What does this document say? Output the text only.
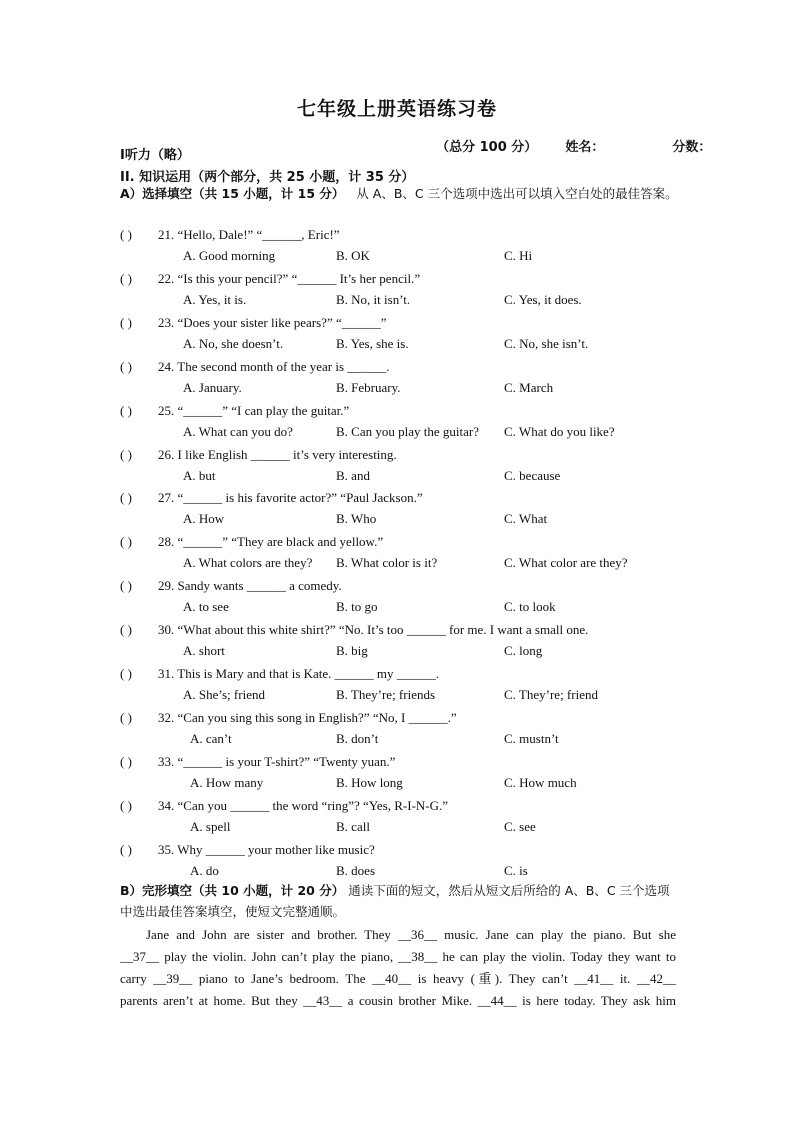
七年级上册英语练习卷

（总分 100 分） 姓名：	分数：

Ⅰ听力（略）
II. 知识运用（两个部分，共 25 小题，计 35 分）
A）选择填空（共 15 小题，计 15 分） 从 A、B、C 三个选项中选出可以填入空白处的最佳答案。
( ) 21. “Hello, Dale!” “______, Eric!”
A. Good morning	B. OK	C. Hi
( ) 22. “Is this your pencil?” “______ It’s her pencil.”
A. Yes, it is.	B. No, it isn’t.	C. Yes, it does.
( ) 23. “Does your sister like pears?” “______”
A. No, she doesn’t.	B. Yes, she is.	C. No, she isn’t.
( ) 24. The second month of the year is ______.
A. January.	B. February.	C. March
( ) 25. “______” “I can play the guitar.”
A. What can you do?	B. Can you play the guitar? C. What do you like?
( ) 26. I like English ______ it’s very interesting.
A. but	B. and	C. because
( ) 27. “______ is his favorite actor?” “Paul Jackson.”
A. How	B. Who	C. What
( ) 28. “______” “They are black and yellow.”
A. What colors are they? B. What color is it?	C. What color are they?
( ) 29. Sandy wants ______ a comedy.
A. to see	B. to go	C. to look
( ) 30. “What about this white shirt?” “No. It’s too ______ for me. I want a small one.
A. short	B. big	C. long
( ) 31. This is Mary and that is Kate. ______ my ______.
A. She’s; friend	B. They’re; friends	C. They’re; friend
( ) 32. “Can you sing this song in English?” “No, I ______.”
A. can’t	B. don’t	C. mustn’t
( ) 33. “______ is your T-shirt?” “Twenty yuan.”
A. How many	B. How long	C. How much
( ) 34. “Can you ______ the word “ring”? “Yes, R-I-N-G.”
A. spell	B. call	C. see
( ) 35. Why ______ your mother like music?
A. do	B. does	C. is
B）完形填空（共 10 小题，计 20 分） 通读下面的短文，然后从短文后所给的 A、B、C 三个选项中选出最佳答案填空，使短文完整通顺。
Jane and John are sister and brother. They __36__ music. Jane can play the piano. But she
__37__ play the violin. John can’t play the piano, __38__ he can play the violin. Today they want to
carry __39__ piano to Jane’s bedroom. The __40__ is heavy (重). They can’t __41__ it. __42__
parents aren’t at home. But they __43__ a cousin brother Mike. __44__ is here today. They ask him
